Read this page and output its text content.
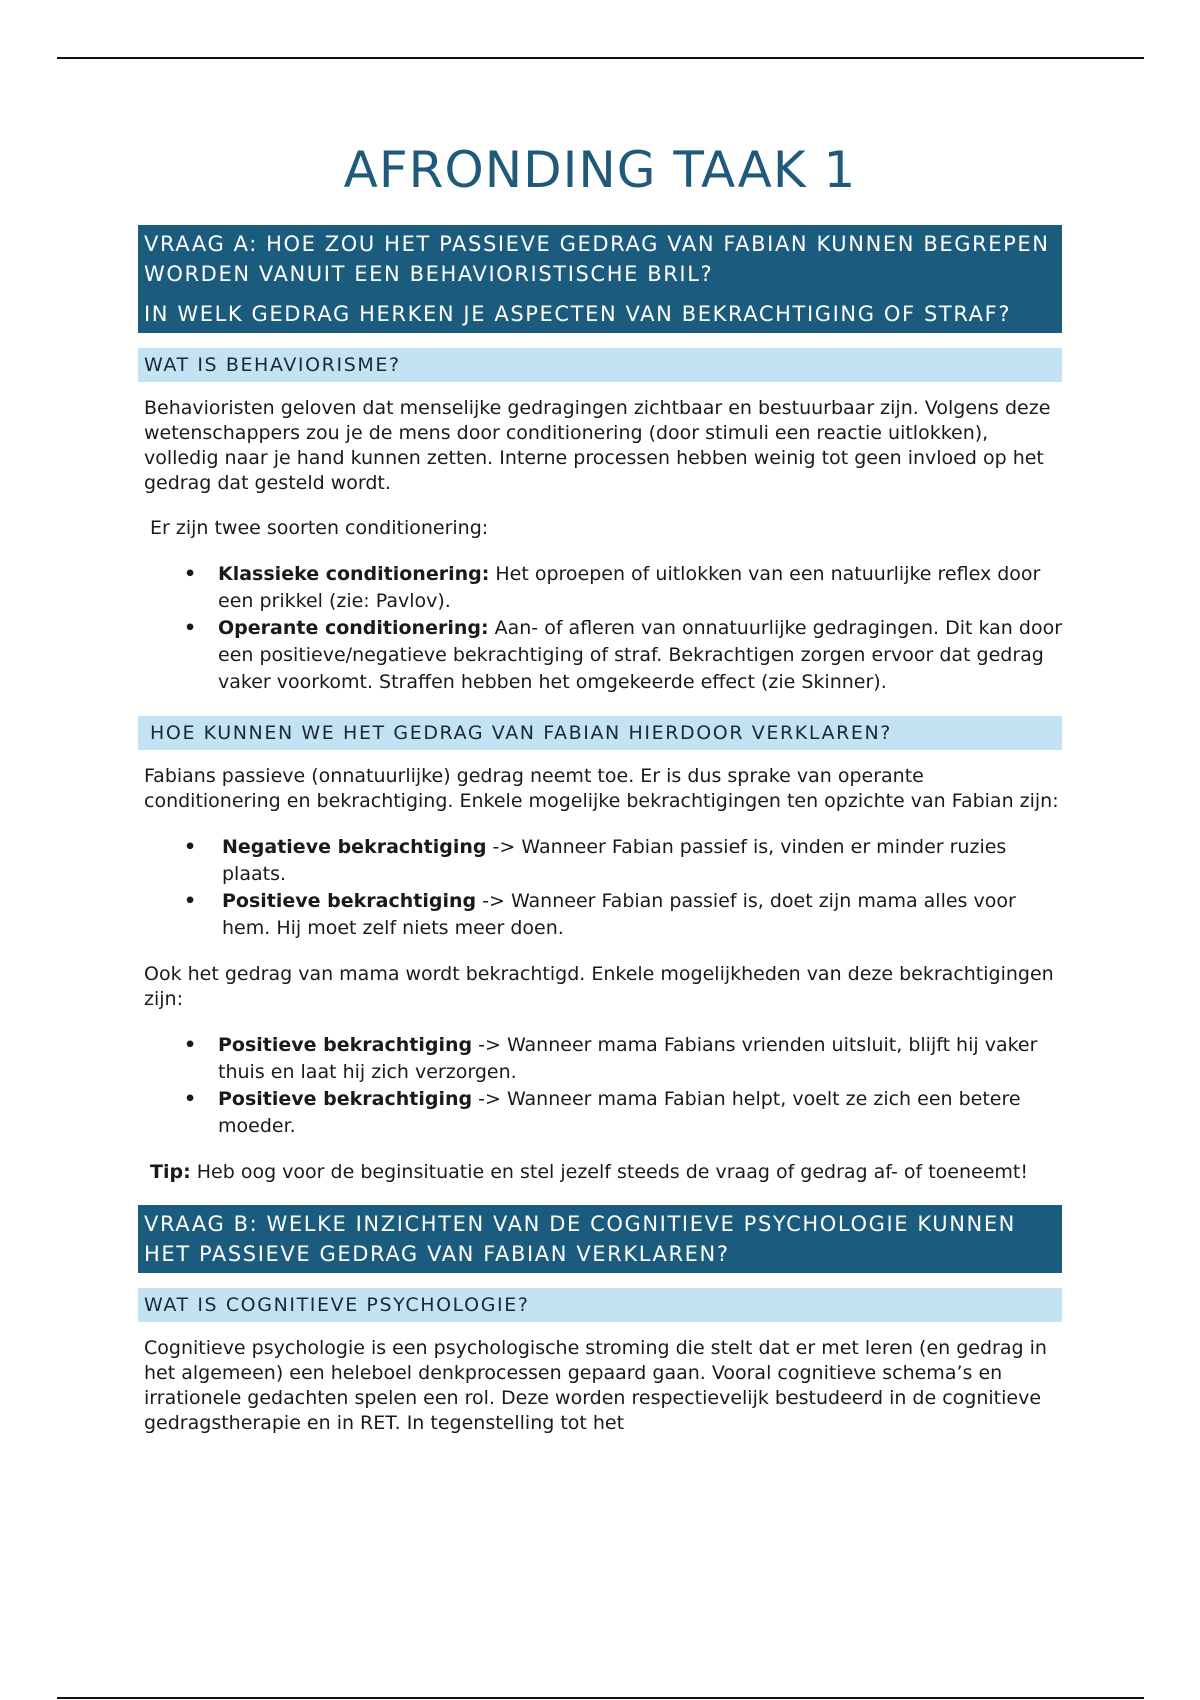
AFRONDING TAAK 1

VRAAG A: HOE ZOU HET PASSIEVE GEDRAG VAN FABIAN KUNNEN BEGREPEN WORDEN VANUIT EEN BEHAVIORISTISCHE BRIL?

IN WELK GEDRAG HERKEN JE ASPECTEN VAN BEKRACHTIGING OF STRAF?

WAT IS BEHAVIORISME?

Behavioristen geloven dat menselijke gedragingen zichtbaar en bestuurbaar zijn. Volgens deze wetenschappers zou je de mens door conditionering (door stimuli een reactie uitlokken), volledig naar je hand kunnen zetten. Interne processen hebben weinig tot geen invloed op het gedrag dat gesteld wordt.

Er zijn twee soorten conditionering:

• Klassieke conditionering: Het oproepen of uitlokken van een natuurlijke reflex door een prikkel (zie: Pavlov).
• Operante conditionering: Aan- of afleren van onnatuurlijke gedragingen. Dit kan door een positieve/negatieve bekrachtiging of straf. Bekrachtigen zorgen ervoor dat gedrag vaker voorkomt. Straffen hebben het omgekeerde effect (zie Skinner).
HOE KUNNEN WE HET GEDRAG VAN FABIAN HIERDOOR VERKLAREN?

Fabians passieve (onnatuurlijke) gedrag neemt toe. Er is dus sprake van operante conditionering en bekrachtiging. Enkele mogelijke bekrachtigingen ten opzichte van Fabian zijn:

• Negatieve bekrachtiging -> Wanneer Fabian passief is, vinden er minder ruzies plaats.
• Positieve bekrachtiging -> Wanneer Fabian passief is, doet zijn mama alles voor hem. Hij moet zelf niets meer doen.

Ook het gedrag van mama wordt bekrachtigd. Enkele mogelijkheden van deze bekrachtigingen zijn:

• Positieve bekrachtiging -> Wanneer mama Fabians vrienden uitsluit, blijft hij vaker thuis en laat hij zich verzorgen.
• Positieve bekrachtiging -> Wanneer mama Fabian helpt, voelt ze zich een betere moeder.

Tip: Heb oog voor de beginsituatie en stel jezelf steeds de vraag of gedrag af- of toeneemt!

VRAAG B: WELKE INZICHTEN VAN DE COGNITIEVE PSYCHOLOGIE KUNNEN HET PASSIEVE GEDRAG VAN FABIAN VERKLAREN?

WAT IS COGNITIEVE PSYCHOLOGIE?

Cognitieve psychologie is een psychologische stroming die stelt dat er met leren (en gedrag in het algemeen) een heleboel denkprocessen gepaard gaan. Vooral cognitieve schema’s en irrationele gedachten spelen een rol. Deze worden respectievelijk bestudeerd in de cognitieve gedragstherapie en in RET. In tegenstelling tot het
